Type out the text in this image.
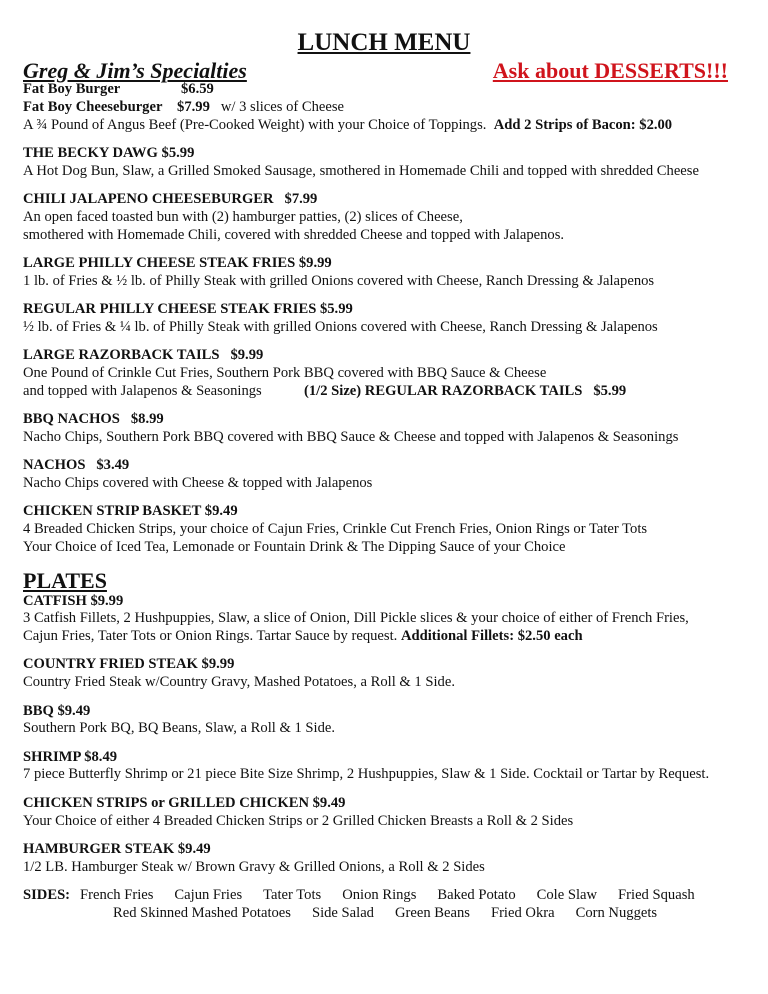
LUNCH MENU
Greg & Jim’s Specialties	Ask about DESSERTS!!!
Fat Boy Burger	$6.59
Fat Boy Cheeseburger $7.99 w/ 3 slices of Cheese
A ¾ Pound of Angus Beef (Pre-Cooked Weight) with your Choice of Toppings. Add 2 Strips of Bacon: $2.00
THE BECKY DAWG $5.99
A Hot Dog Bun, Slaw, a Grilled Smoked Sausage, smothered in Homemade Chili and topped with shredded Cheese
CHILI JALAPENO CHEESEBURGER   $7.99
An open faced toasted bun with (2) hamburger patties, (2) slices of Cheese,
smothered with Homemade Chili, covered with shredded Cheese and topped with Jalapenos.
LARGE PHILLY CHEESE STEAK FRIES $9.99
1 lb. of Fries & ½ lb. of Philly Steak with grilled Onions covered with Cheese, Ranch Dressing & Jalapenos
REGULAR PHILLY CHEESE STEAK FRIES $5.99
½ lb. of Fries & ¼ lb. of Philly Steak with grilled Onions covered with Cheese, Ranch Dressing & Jalapenos
LARGE RAZORBACK TAILS   $9.99
One Pound of Crinkle Cut Fries, Southern Pork BBQ covered with BBQ Sauce & Cheese
and topped with Jalapenos & Seasonings	(1/2 Size) REGULAR RAZORBACK TAILS   $5.99
BBQ NACHOS   $8.99
Nacho Chips, Southern Pork BBQ covered with BBQ Sauce & Cheese and topped with Jalapenos & Seasonings
NACHOS   $3.49
Nacho Chips covered with Cheese & topped with Jalapenos
CHICKEN STRIP BASKET $9.49
4 Breaded Chicken Strips, your choice of Cajun Fries, Crinkle Cut French Fries, Onion Rings or Tater Tots
Your Choice of Iced Tea, Lemonade or Fountain Drink & The Dipping Sauce of your Choice
PLATES
CATFISH $9.99
3 Catfish Fillets, 2 Hushpuppies, Slaw, a slice of Onion, Dill Pickle slices & your choice of either of French Fries,
Cajun Fries, Tater Tots or Onion Rings. Tartar Sauce by request. Additional Fillets: $2.50 each
COUNTRY FRIED STEAK $9.99
Country Fried Steak w/Country Gravy, Mashed Potatoes, a Roll & 1 Side.
BBQ $9.49
Southern Pork BQ, BQ Beans, Slaw, a Roll & 1 Side.
SHRIMP $8.49
7 piece Butterfly Shrimp or 21 piece Bite Size Shrimp, 2 Hushpuppies, Slaw & 1 Side. Cocktail or Tartar by Request.
CHICKEN STRIPS or GRILLED CHICKEN $9.49
Your Choice of either 4 Breaded Chicken Strips or 2 Grilled Chicken Breasts a Roll & 2 Sides
HAMBURGER STEAK $9.49
1/2 LB. Hamburger Steak w/ Brown Gravy & Grilled Onions, a Roll & 2 Sides
SIDES: French Fries Cajun Fries Tater Tots Onion Rings Baked Potato Cole Slaw Fried Squash
Red Skinned Mashed Potatoes Side Salad Green Beans Fried Okra Corn Nuggets
